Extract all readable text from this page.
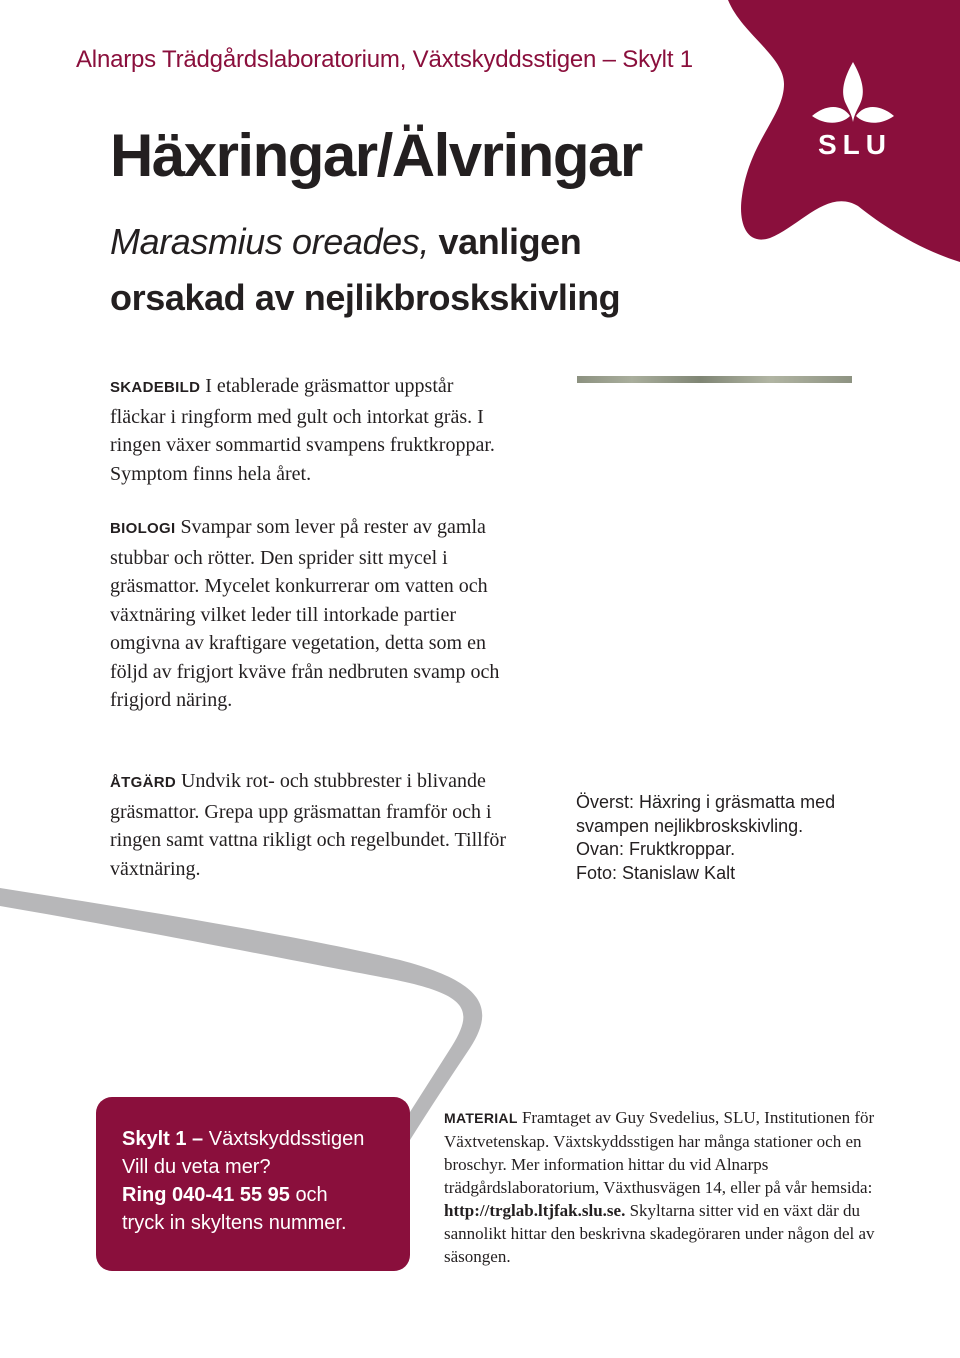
Alnarps Trädgårdslaboratorium, Växtskyddsstigen – Skylt 1
SLU
Häxringar/Älvringar
Marasmius oreades, vanligen
orsakad av nejlikbroskskivling
SKADEBILD I etablerade gräsmattor uppstår fläckar i ringform med gult och intorkat gräs. I ringen växer sommartid svampens fruktkroppar. Symptom finns hela året.
BIOLOGI Svampar som lever på rester av gamla stubbar och rötter. Den sprider sitt mycel i gräsmattor. Mycelet konkurrerar om vatten och växtnäring vilket leder till intorkade partier omgivna av kraftigare vegetation, detta som en följd av frigjort kväve från nedbruten svamp och frigjord näring.
ÅTGÄRD Undvik rot- och stubbrester i blivande gräsmattor. Grepa upp gräsmattan framför och i ringen samt vattna rikligt och regelbundet. Tillför växtnäring.
Överst: Häxring i gräsmatta med svampen nejlikbroskskivling.
Ovan: Fruktkroppar.
Foto: Stanislaw Kalt
Skylt 1 – Växtskyddsstigen
Vill du veta mer?
Ring 040-41 55 95 och
tryck in skyltens nummer.
MATERIAL Framtaget av Guy Svedelius, SLU, Institutionen för Växtvetenskap. Växtskyddsstigen har många stationer och en broschyr. Mer information hittar du vid Alnarps trädgårdslaboratorium, Växthusvägen 14, eller på vår hemsida: http://trglab.ltjfak.slu.se. Skyltarna sitter vid en växt där du sannolikt hittar den beskrivna skadegöraren under någon del av säsongen.
